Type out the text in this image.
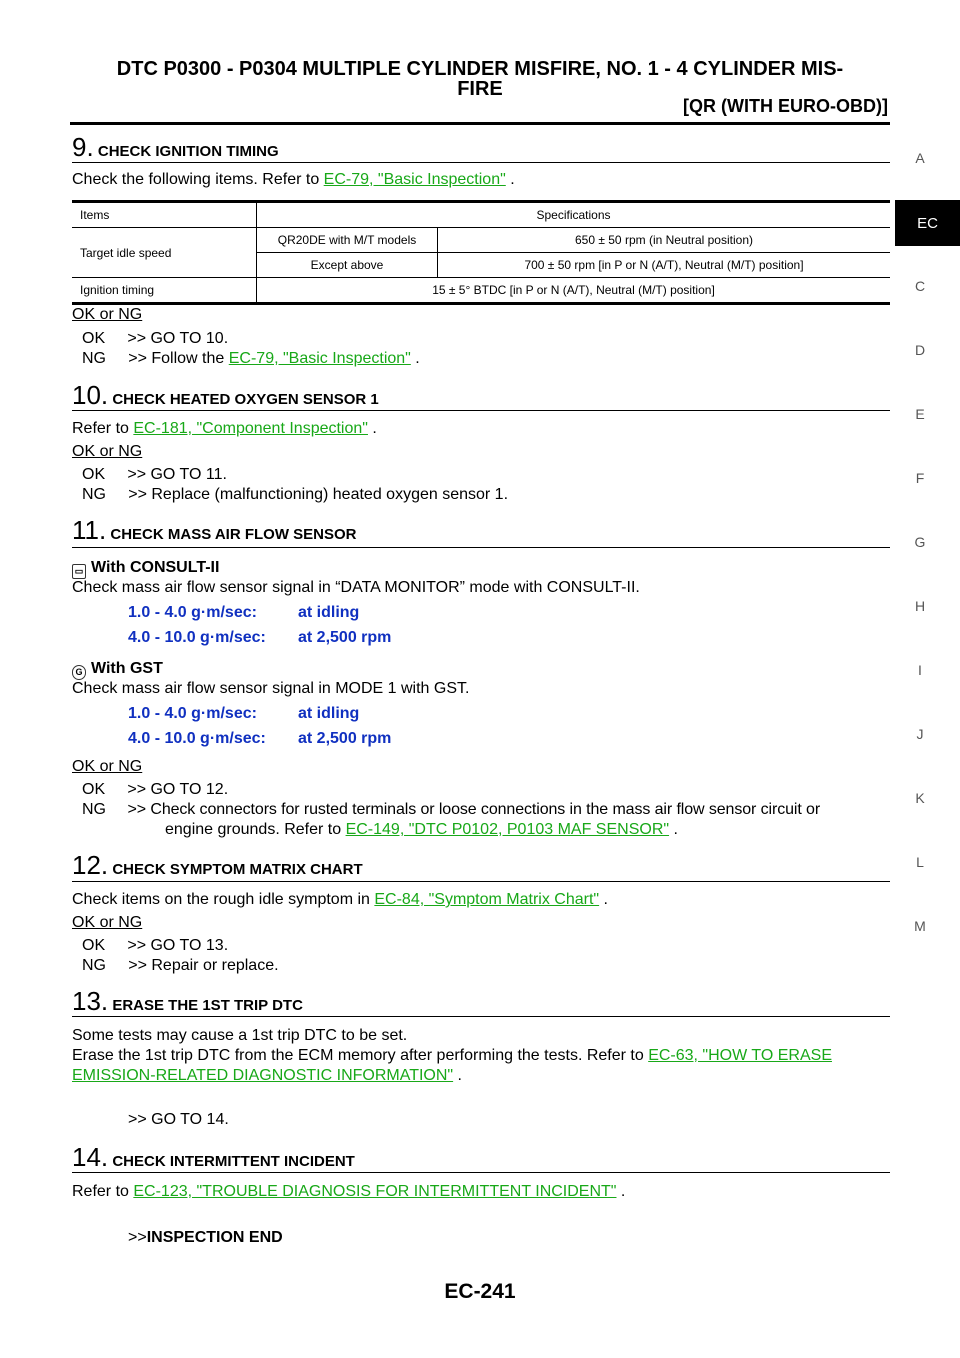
DTC P0300 - P0304 MULTIPLE CYLINDER MISFIRE, NO. 1 - 4 CYLINDER MIS-
FIRE
[QR (WITH EURO-OBD)]
A
EC
C
D
E
F
G
H
I
J
K
L
M
9. CHECK IGNITION TIMING
Check the following items. Refer to EC-79, "Basic Inspection" .
Items	Specifications	
Target idle speed	QR20DE with M/T models	650 ± 50 rpm (in Neutral position)
	Except above	700 ± 50 rpm [in P or N (A/T), Neutral (M/T) position]
Ignition timing	15 ± 5° BTDC [in P or N (A/T), Neutral (M/T) position]	
OK or NG
OK     >> GO TO 10.
NG     >> Follow the EC-79, "Basic Inspection" .
10. CHECK HEATED OXYGEN SENSOR 1
Refer to EC-181, "Component Inspection" .
OK or NG
OK     >> GO TO 11.
NG     >> Replace (malfunctioning) heated oxygen sensor 1.
11. CHECK MASS AIR FLOW SENSOR
▭ With CONSULT-II
Check mass air flow sensor signal in “DATA MONITOR” mode with CONSULT-II.
1.0 - 4.0 g·m/sec:	at idling
4.0 - 10.0 g·m/sec: at 2,500 rpm
G With GST
Check mass air flow sensor signal in MODE 1 with GST.
1.0 - 4.0 g·m/sec:	at idling
4.0 - 10.0 g·m/sec: at 2,500 rpm
OK or NG
OK     >> GO TO 12.
NG     >> Check connectors for rusted terminals or loose connections in the mass air flow sensor circuit or
engine grounds. Refer to EC-149, "DTC P0102, P0103 MAF SENSOR" .
12. CHECK SYMPTOM MATRIX CHART
Check items on the rough idle symptom in EC-84, "Symptom Matrix Chart" .
OK or NG
OK     >> GO TO 13.
NG     >> Repair or replace.
13. ERASE THE 1ST TRIP DTC
Some tests may cause a 1st trip DTC to be set.
Erase the 1st trip DTC from the ECM memory after performing the tests. Refer to EC-63, "HOW TO ERASE
EMISSION-RELATED DIAGNOSTIC INFORMATION" .
>> GO TO 14.
14. CHECK INTERMITTENT INCIDENT
Refer to EC-123, "TROUBLE DIAGNOSIS FOR INTERMITTENT INCIDENT" .
>>INSPECTION END
EC-241
